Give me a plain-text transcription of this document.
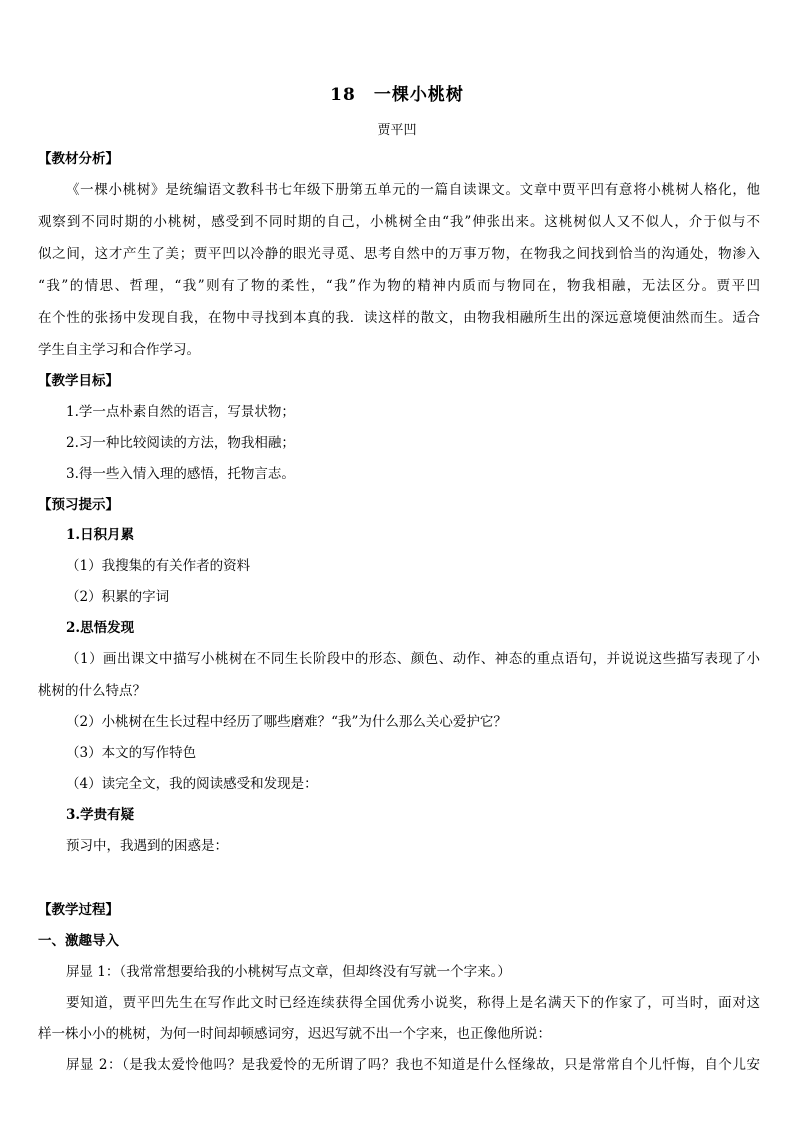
18　一棵小桃树
贾平凹
【教材分析】
《一棵小桃树》是统编语文教科书七年级下册第五单元的一篇自读课文。文章中贾平凹有意将小桃树人格化，他
观察到不同时期的小桃树，感受到不同时期的自己，小桃树全由“我”伸张出来。这桃树似人又不似人，介于似与不
似之间，这才产生了美；贾平凹以冷静的眼光寻觅、思考自然中的万事万物，在物我之间找到恰当的沟通处，物渗入
“我”的情思、哲理，“我”则有了物的柔性，“我”作为物的精神内质而与物同在，物我相融，无法区分。贾平凹
在个性的张扬中发现自我，在物中寻找到本真的我．读这样的散文，由物我相融所生出的深远意境便油然而生。适合
学生自主学习和合作学习。
【教学目标】
1.学一点朴素自然的语言，写景状物；
2.习一种比较阅读的方法，物我相融；
3.得一些入情入理的感悟，托物言志。
【预习提示】
1.日积月累
（1）我搜集的有关作者的资料
（2）积累的字词
2.思悟发现
（1）画出课文中描写小桃树在不同生长阶段中的形态、颜色、动作、神态的重点语句，并说说这些描写表现了小
桃树的什么特点？
（2）小桃树在生长过程中经历了哪些磨难？“我”为什么那么关心爱护它？
（3）本文的写作特色
（4）读完全文，我的阅读感受和发现是：
3.学贵有疑
预习中，我遇到的困惑是：
【教学过程】
一、激趣导入
屏显 1：（我常常想要给我的小桃树写点文章，但却终没有写就一个字来。）
要知道，贾平凹先生在写作此文时已经连续获得全国优秀小说奖，称得上是名满天下的作家了，可当时，面对这
样一株小小的桃树，为何一时间却顿感词穷，迟迟写就不出一个字来，也正像他所说：
屏显 2：（是我太爱怜他吗？是我爱怜的无所谓了吗？我也不知道是什么怪缘故，只是常常自个儿忏悔，自个儿安
